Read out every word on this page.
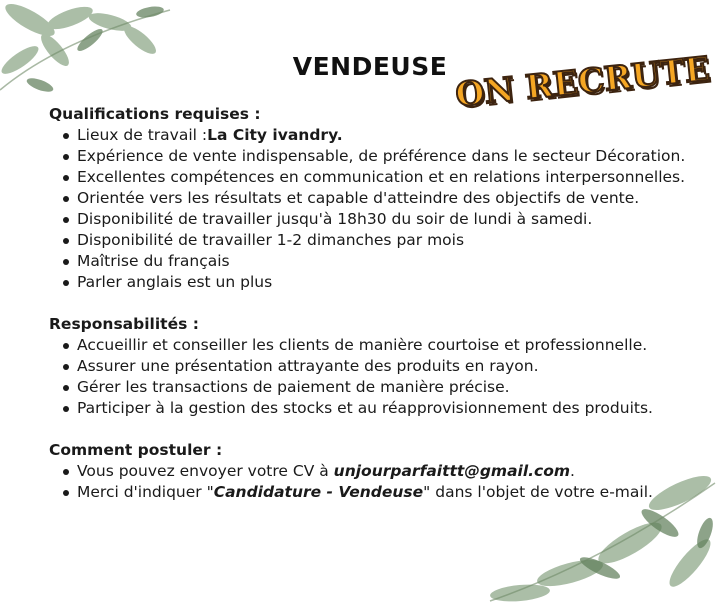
VENDEUSE ON RECRUTE

Qualifications requises :

Lieux de travail :La City ivandry.
Expérience de vente indispensable, de préférence dans le secteur Décoration.
Excellentes compétences en communication et en relations interpersonnelles.
Orientée vers les résultats et capable d'atteindre des objectifs de vente.
Disponibilité de travailler jusqu'à 18h30 du soir de lundi à samedi.
Disponibilité de travailler 1-2 dimanches par mois
Maîtrise du français
Parler anglais est un plus

Responsabilités :

Accueillir et conseiller les clients de manière courtoise et professionnelle.
Assurer une présentation attrayante des produits en rayon.
Gérer les transactions de paiement de manière précise.
Participer à la gestion des stocks et au réapprovisionnement des produits.

Comment postuler :

Vous pouvez envoyer votre CV à unjourparfaittt@gmail.com.
Merci d'indiquer "Candidature - Vendeuse" dans l'objet de votre e-mail.
